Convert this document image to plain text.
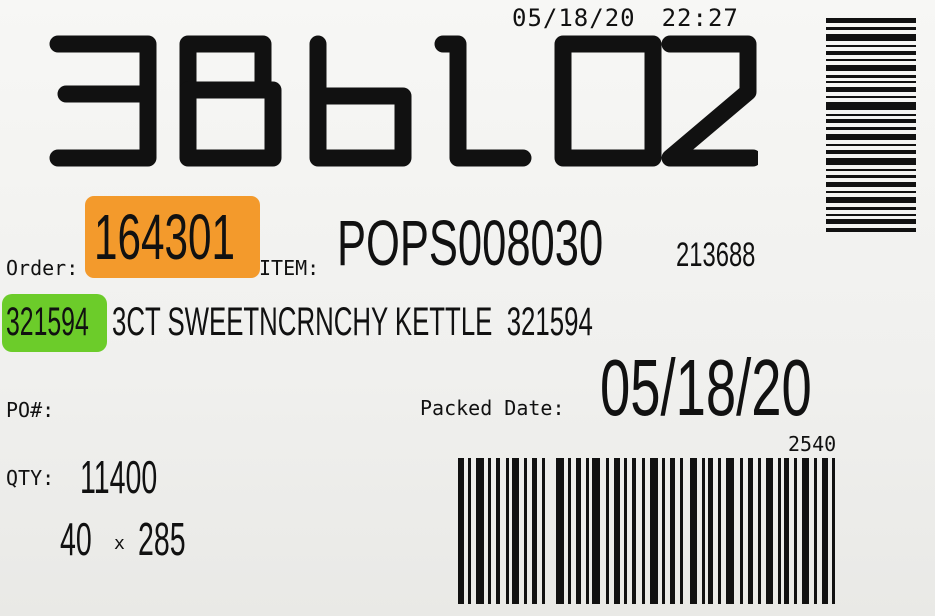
05/18/20 22:27
Order: 164301 ITEM: POPS008030 213688
321594 3CT SWEETNCRNCHY KETTLE  321594
PO#:	Packed Date: 05/18/20
2540
QTY: 11400
40 x 285
